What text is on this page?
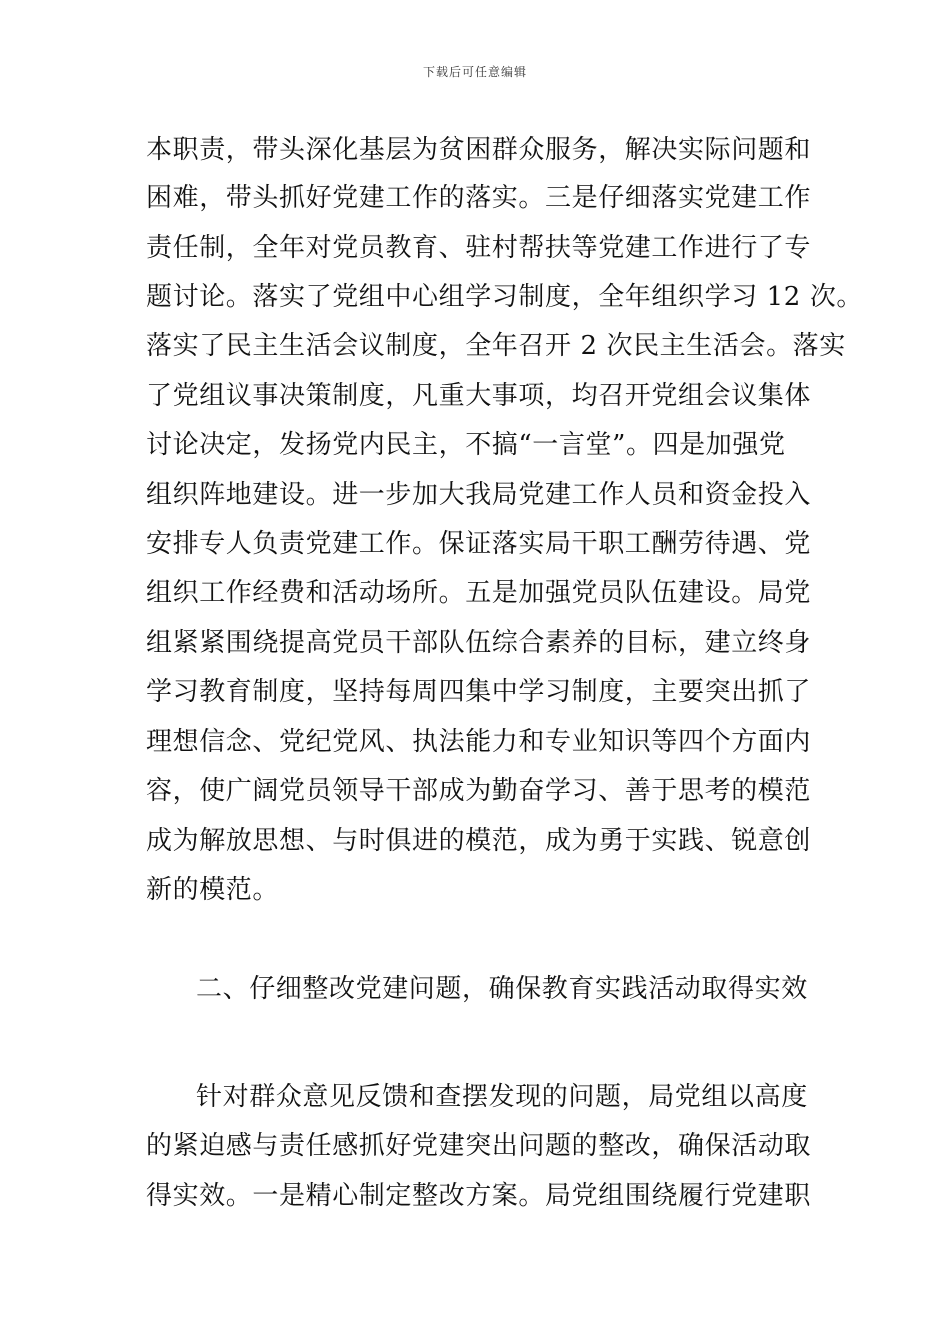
下载后可任意编辑
本职责，带头深化基层为贫困群众服务，解决实际问题和
困难，带头抓好党建工作的落实。三是仔细落实党建工作
责任制，全年对党员教育、驻村帮扶等党建工作进行了专
题讨论。落实了党组中心组学习制度，全年组织学习 12 次。
落实了民主生活会议制度，全年召开 2 次民主生活会。落实
了党组议事决策制度，凡重大事项，均召开党组会议集体
讨论决定，发扬党内民主，不搞“一言堂”。四是加强党
组织阵地建设。进一步加大我局党建工作人员和资金投入
安排专人负责党建工作。保证落实局干职工酬劳待遇、党
组织工作经费和活动场所。五是加强党员队伍建设。局党
组紧紧围绕提高党员干部队伍综合素养的目标，建立终身
学习教育制度，坚持每周四集中学习制度，主要突出抓了
理想信念、党纪党风、执法能力和专业知识等四个方面内
容，使广阔党员领导干部成为勤奋学习、善于思考的模范
成为解放思想、与时俱进的模范，成为勇于实践、锐意创
新的模范。
二、仔细整改党建问题，确保教育实践活动取得实效
针对群众意见反馈和查摆发现的问题，局党组以高度
的紧迫感与责任感抓好党建突出问题的整改，确保活动取
得实效。一是精心制定整改方案。局党组围绕履行党建职
